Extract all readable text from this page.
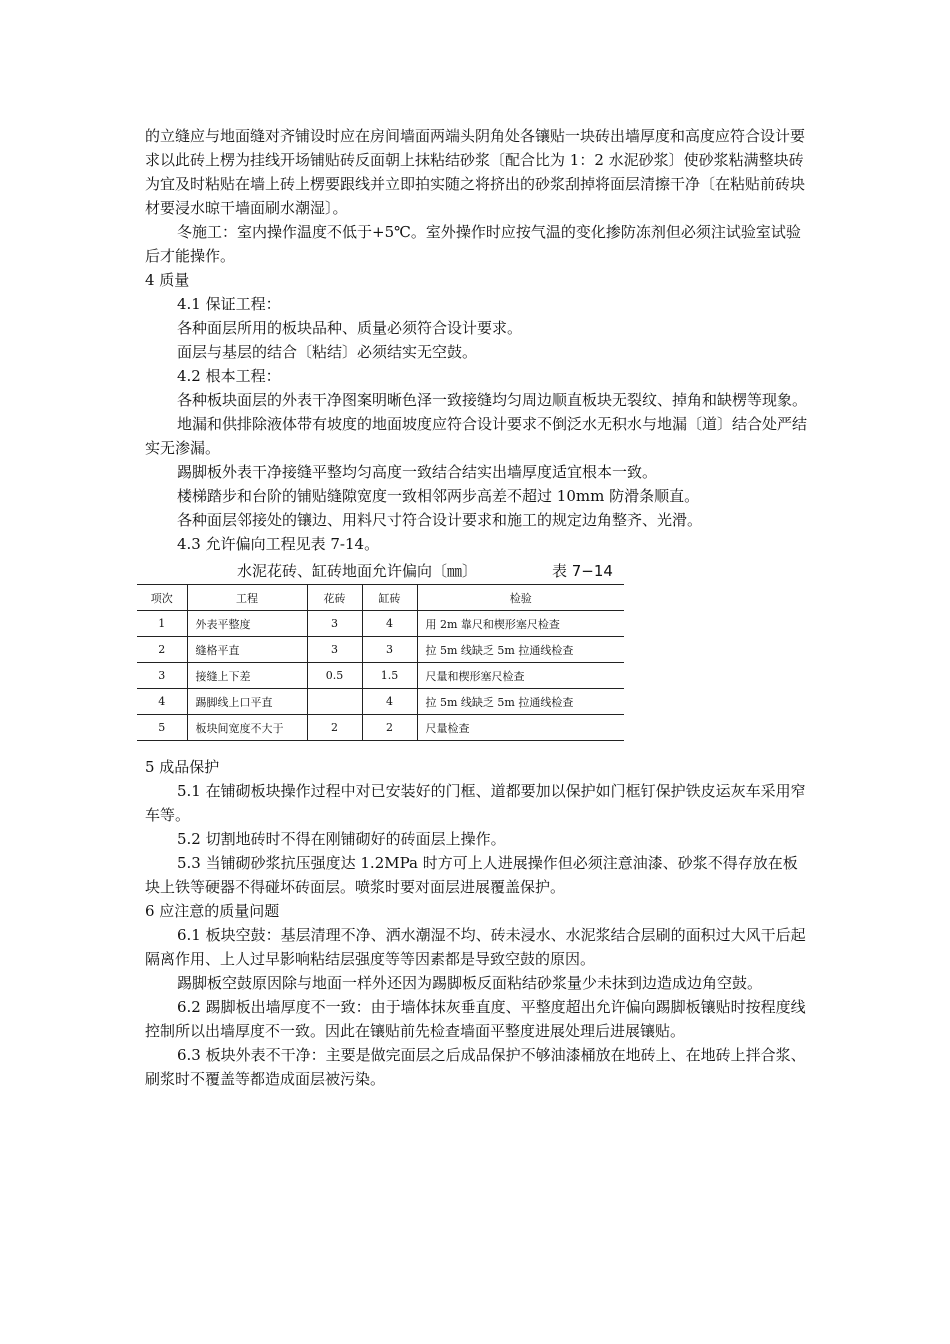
的立缝应与地面缝对齐铺设时应在房间墙面两端头阴角处各镶贴一块砖出墙厚度和高度应符合设计要求以此砖上楞为挂线开场铺贴砖反面朝上抹粘结砂浆〔配合比为 1：2 水泥砂浆〕使砂浆粘满整块砖为宜及时粘贴在墙上砖上楞要跟线并立即拍实随之将挤出的砂浆刮掉将面层清擦干净〔在粘贴前砖块材要浸水晾干墙面刷水潮湿〕。

冬施工：室内操作温度不低于+5℃。室外操作时应按气温的变化掺防冻剂但必须注试验室试验后才能操作。

4 质量

4.1 保证工程：

各种面层所用的板块品种、质量必须符合设计要求。

面层与基层的结合〔粘结〕必须结实无空鼓。

4.2 根本工程：

各种板块面层的外表干净图案明晰色泽一致接缝均匀周边顺直板块无裂纹、掉角和缺楞等现象。

地漏和供排除液体带有坡度的地面坡度应符合设计要求不倒泛水无积水与地漏〔道〕结合处严结实无渗漏。

踢脚板外表干净接缝平整均匀高度一致结合结实出墙厚度适宜根本一致。

楼梯踏步和台阶的铺贴缝隙宽度一致相邻两步高差不超过 10mm 防滑条顺直。

各种面层邻接处的镶边、用料尺寸符合设计要求和施工的规定边角整齐、光滑。

4.3 允许偏向工程见表 7-14。

水泥花砖、缸砖地面允许偏向〔㎜〕	表 7−14
项次	工程	花砖	缸砖	检验
1	外表平整度	3	4	用 2m 靠尺和楔形塞尺检查
2	缝格平直	3	3	拉 5m 线缺乏 5m 拉通线检查
3	接缝上下差	0.5	1.5	尺量和楔形塞尺检查
4	踢脚线上口平直		4	拉 5m 线缺乏 5m 拉通线检查
5	板块间宽度不大于	2	2	尺量检查

5 成品保护

5.1 在铺砌板块操作过程中对已安装好的门框、道都要加以保护如门框钉保护铁皮运灰车采用窄车等。

5.2 切割地砖时不得在刚铺砌好的砖面层上操作。

5.3 当铺砌砂浆抗压强度达 1.2MPa 时方可上人进展操作但必须注意油漆、砂浆不得存放在板块上铁等硬器不得碰坏砖面层。喷浆时要对面层进展覆盖保护。

6 应注意的质量问题

6.1 板块空鼓：基层清理不净、洒水潮湿不均、砖未浸水、水泥浆结合层刷的面积过大风干后起隔离作用、上人过早影响粘结层强度等等因素都是导致空鼓的原因。

踢脚板空鼓原因除与地面一样外还因为踢脚板反面粘结砂浆量少未抹到边造成边角空鼓。

6.2 踢脚板出墙厚度不一致：由于墙体抹灰垂直度、平整度超出允许偏向踢脚板镶贴时按程度线控制所以出墙厚度不一致。因此在镶贴前先检查墙面平整度进展处理后进展镶贴。

6.3 板块外表不干净：主要是做完面层之后成品保护不够油漆桶放在地砖上、在地砖上拌合浆、刷浆时不覆盖等都造成面层被污染。
